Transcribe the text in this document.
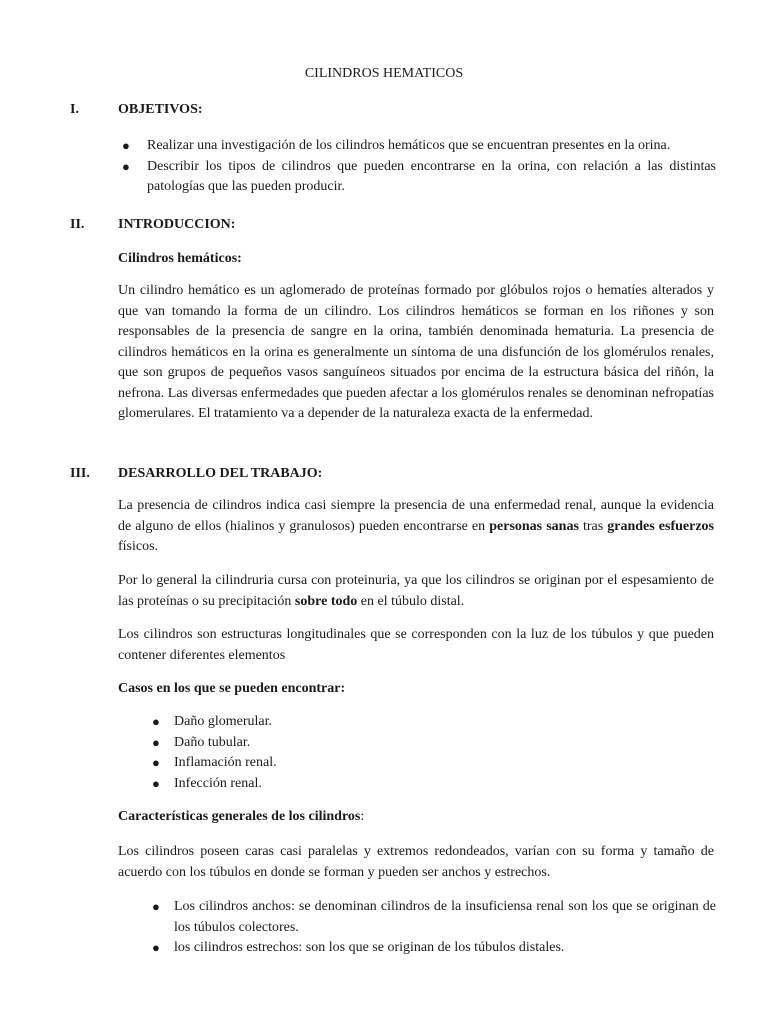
CILINDROS HEMATICOS
I.	OBJETIVOS:
● Realizar una investigación de los cilindros hemáticos que se encuentran presentes en la orina.
● Describir los tipos de cilindros que pueden encontrarse en la orina, con relación a las distintas patologías que las pueden producir.
II. INTRODUCCION:
Cilindros hemáticos:

Un cilindro hemático es un aglomerado de proteínas formado por glóbulos rojos o hematíes alterados y que van tomando la forma de un cilindro. Los cilindros hemáticos se forman en los riñones y son responsables de la presencia de sangre en la orina, también denominada hematuria. La presencia de cilindros hemáticos en la orina es generalmente un síntoma de una disfunción de los glomérulos renales, que son grupos de pequeños vasos sanguíneos situados por encima de la estructura básica del riñón, la nefrona. Las diversas enfermedades que pueden afectar a los glomérulos renales se denominan nefropatías glomerulares. El tratamiento va a depender de la naturaleza exacta de la enfermedad.

III. DESARROLLO DEL TRABAJO:

La presencia de cilindros indica casi siempre la presencia de una enfermedad renal, aunque la evidencia de alguno de ellos (hialinos y granulosos) pueden encontrarse en personas sanas tras grandes esfuerzos físicos.

Por lo general la cilindruria cursa con proteinuria, ya que los cilindros se originan por el espesamiento de las proteínas o su precipitación sobre todo en el túbulo distal.

Los cilindros son estructuras longitudinales que se corresponden con la luz de los túbulos y que pueden contener diferentes elementos

Casos en los que se pueden encontrar:
● Daño glomerular.
● Daño tubular.
● Inflamación renal.
● Infección renal.
Características generales de los cilindros:

Los cilindros poseen caras casi paralelas y extremos redondeados, varían con su forma y tamaño de acuerdo con los túbulos en donde se forman y pueden ser anchos y estrechos.

● Los cilindros anchos: se denominan cilindros de la insuficiensa renal son los que se originan de los túbulos colectores.
● los cilindros estrechos: son los que se originan de los túbulos distales.
